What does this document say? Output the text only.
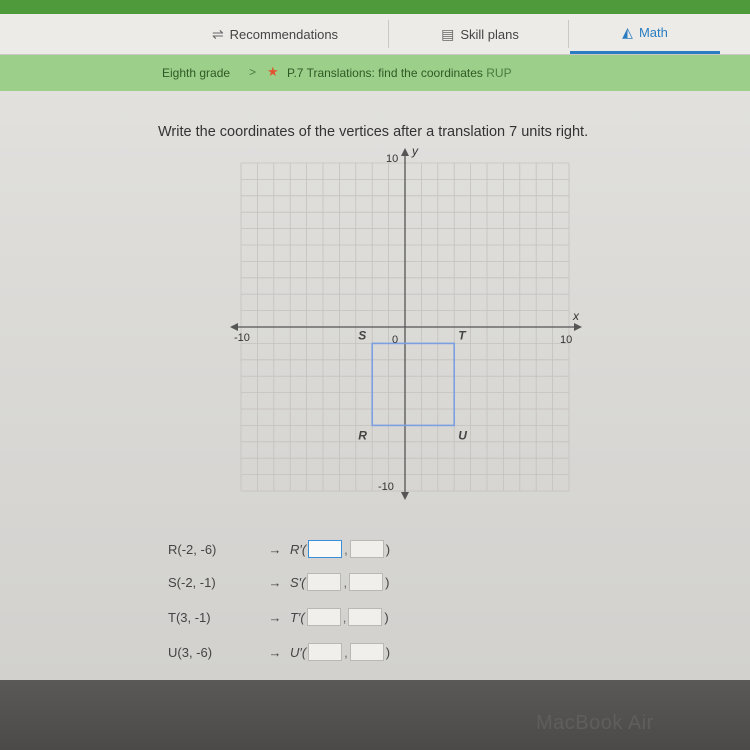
⇌ Recommendations	▤ Skill plans	◭ Math
Eighth grade > ★ P.7 Translations: find the coordinates RUP
Write the coordinates of the vertices after a translation 7 units right.
x
y
-10	10
10
-10
0
R
S	T
U
R(-2, -6)	→ R′(	,	)
S(-2, -1)	→ S′(	,	)
T(3, -1)	→ T′(	,	)
U(3, -6)	→ U′(	,	)
MacBook Air
